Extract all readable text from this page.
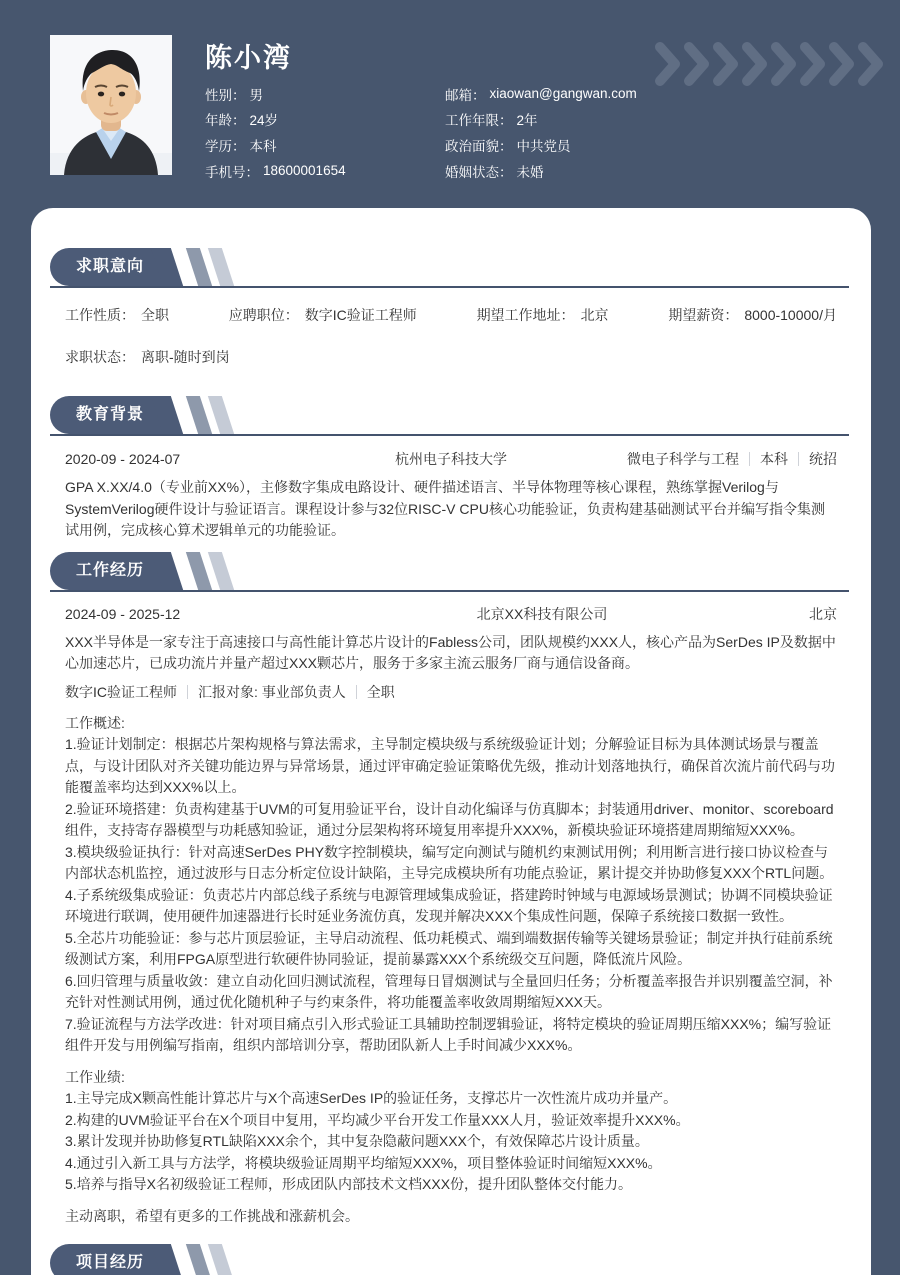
陈小湾
性别： 男
年龄： 24岁
学历： 本科
手机号： 18600001654
邮箱： xiaowan@gangwan.com
工作年限： 2年
政治面貌： 中共党员
婚姻状态： 未婚
求职意向
工作性质： 全职	应聘职位： 数字IC验证工程师	期望工作地址： 北京	期望薪资： 8000-10000/月
求职状态： 离职-随时到岗
教育背景
2020-09 - 2024-07	杭州电子科技大学	微电子科学与工程 本科 统招
GPA X.XX/4.0（专业前XX%），主修数字集成电路设计、硬件描述语言、半导体物理等核心课程，熟练掌握Verilog与SystemVerilog硬件设计与验证语言。课程设计参与32位RISC-V CPU核心功能验证，负责构建基础测试平台并编写指令集测试用例，完成核心算术逻辑单元的功能验证。
工作经历
2024-09 - 2025-12	北京XX科技有限公司	北京
XXX半导体是一家专注于高速接口与高性能计算芯片设计的Fabless公司，团队规模约XXX人，核心产品为SerDes IP及数据中心加速芯片，已成功流片并量产超过XXX颗芯片，服务于多家主流云服务厂商与通信设备商。
数字IC验证工程师 汇报对象: 事业部负责人 全职
工作概述:
1.验证计划制定：根据芯片架构规格与算法需求，主导制定模块级与系统级验证计划；分解验证目标为具体测试场景与覆盖点，与设计团队对齐关键功能边界与异常场景，通过评审确定验证策略优先级，推动计划落地执行，确保首次流片前代码与功能覆盖率均达到XXX%以上。
2.验证环境搭建：负责构建基于UVM的可复用验证平台，设计自动化编译与仿真脚本；封装通用driver、monitor、scoreboard组件，支持寄存器模型与功耗感知验证，通过分层架构将环境复用率提升XXX%，新模块验证环境搭建周期缩短XXX%。
3.模块级验证执行：针对高速SerDes PHY数字控制模块，编写定向测试与随机约束测试用例；利用断言进行接口协议检查与内部状态机监控，通过波形与日志分析定位设计缺陷，主导完成模块所有功能点验证，累计提交并协助修复XXX个RTL问题。
4.子系统级集成验证：负责芯片内部总线子系统与电源管理域集成验证，搭建跨时钟域与电源域场景测试；协调不同模块验证环境进行联调，使用硬件加速器进行长时延业务流仿真，发现并解决XXX个集成性问题，保障子系统接口数据一致性。
5.全芯片功能验证：参与芯片顶层验证，主导启动流程、低功耗模式、端到端数据传输等关键场景验证；制定并执行硅前系统级测试方案，利用FPGA原型进行软硬件协同验证，提前暴露XXX个系统级交互问题，降低流片风险。
6.回归管理与质量收敛：建立自动化回归测试流程，管理每日冒烟测试与全量回归任务；分析覆盖率报告并识别覆盖空洞，补充针对性测试用例，通过优化随机种子与约束条件，将功能覆盖率收敛周期缩短XXX天。
7.验证流程与方法学改进：针对项目痛点引入形式验证工具辅助控制逻辑验证，将特定模块的验证周期压缩XXX%；编写验证组件开发与用例编写指南，组织内部培训分享，帮助团队新人上手时间减少XXX%。
工作业绩:
1.主导完成X颗高性能计算芯片与X个高速SerDes IP的验证任务，支撑芯片一次性流片成功并量产。
2.构建的UVM验证平台在X个项目中复用，平均减少平台开发工作量XXX人月，验证效率提升XXX%。
3.累计发现并协助修复RTL缺陷XXX余个，其中复杂隐蔽问题XXX个，有效保障芯片设计质量。
4.通过引入新工具与方法学，将模块级验证周期平均缩短XXX%，项目整体验证时间缩短XXX%。
5.培养与指导X名初级验证工程师，形成团队内部技术文档XXX份，提升团队整体交付能力。
主动离职，希望有更多的工作挑战和涨薪机会。
项目经历
